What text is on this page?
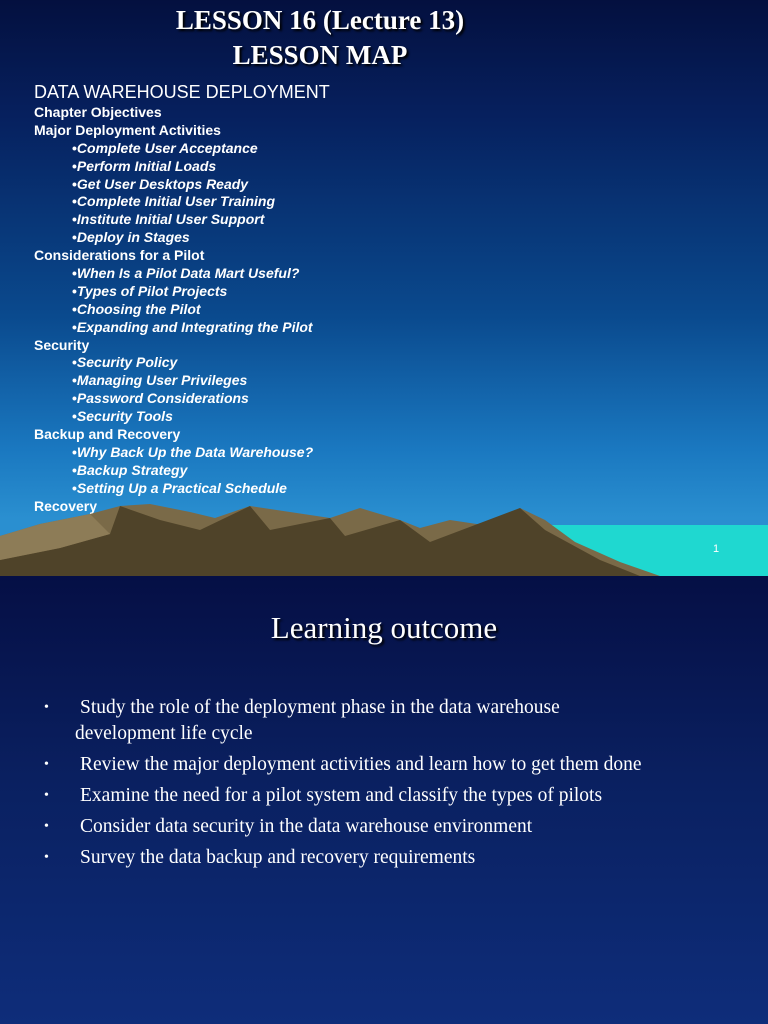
LESSON 16 (Lecture 13)
LESSON MAP
DATA WAREHOUSE DEPLOYMENT
Chapter Objectives
Major Deployment Activities
• Complete User Acceptance
• Perform Initial Loads
• Get User Desktops Ready
• Complete Initial User Training
• Institute Initial User Support
• Deploy in Stages
Considerations for a Pilot
• When Is a Pilot Data Mart Useful?
• Types of Pilot Projects
• Choosing the Pilot
• Expanding and Integrating the Pilot
Security
• Security Policy
• Managing User Privileges
• Password Considerations
• Security Tools
Backup and Recovery
• Why Back Up the Data Warehouse?
• Backup Strategy
• Setting Up a Practical Schedule
Recovery
1
Learning outcome
• Study the role of the deployment phase in the data warehouse
development life cycle
• Review the major deployment activities and learn how to get them done
• Examine the need for a pilot system and classify the types of pilots
• Consider data security in the data warehouse environment
• Survey the data backup and recovery requirements
